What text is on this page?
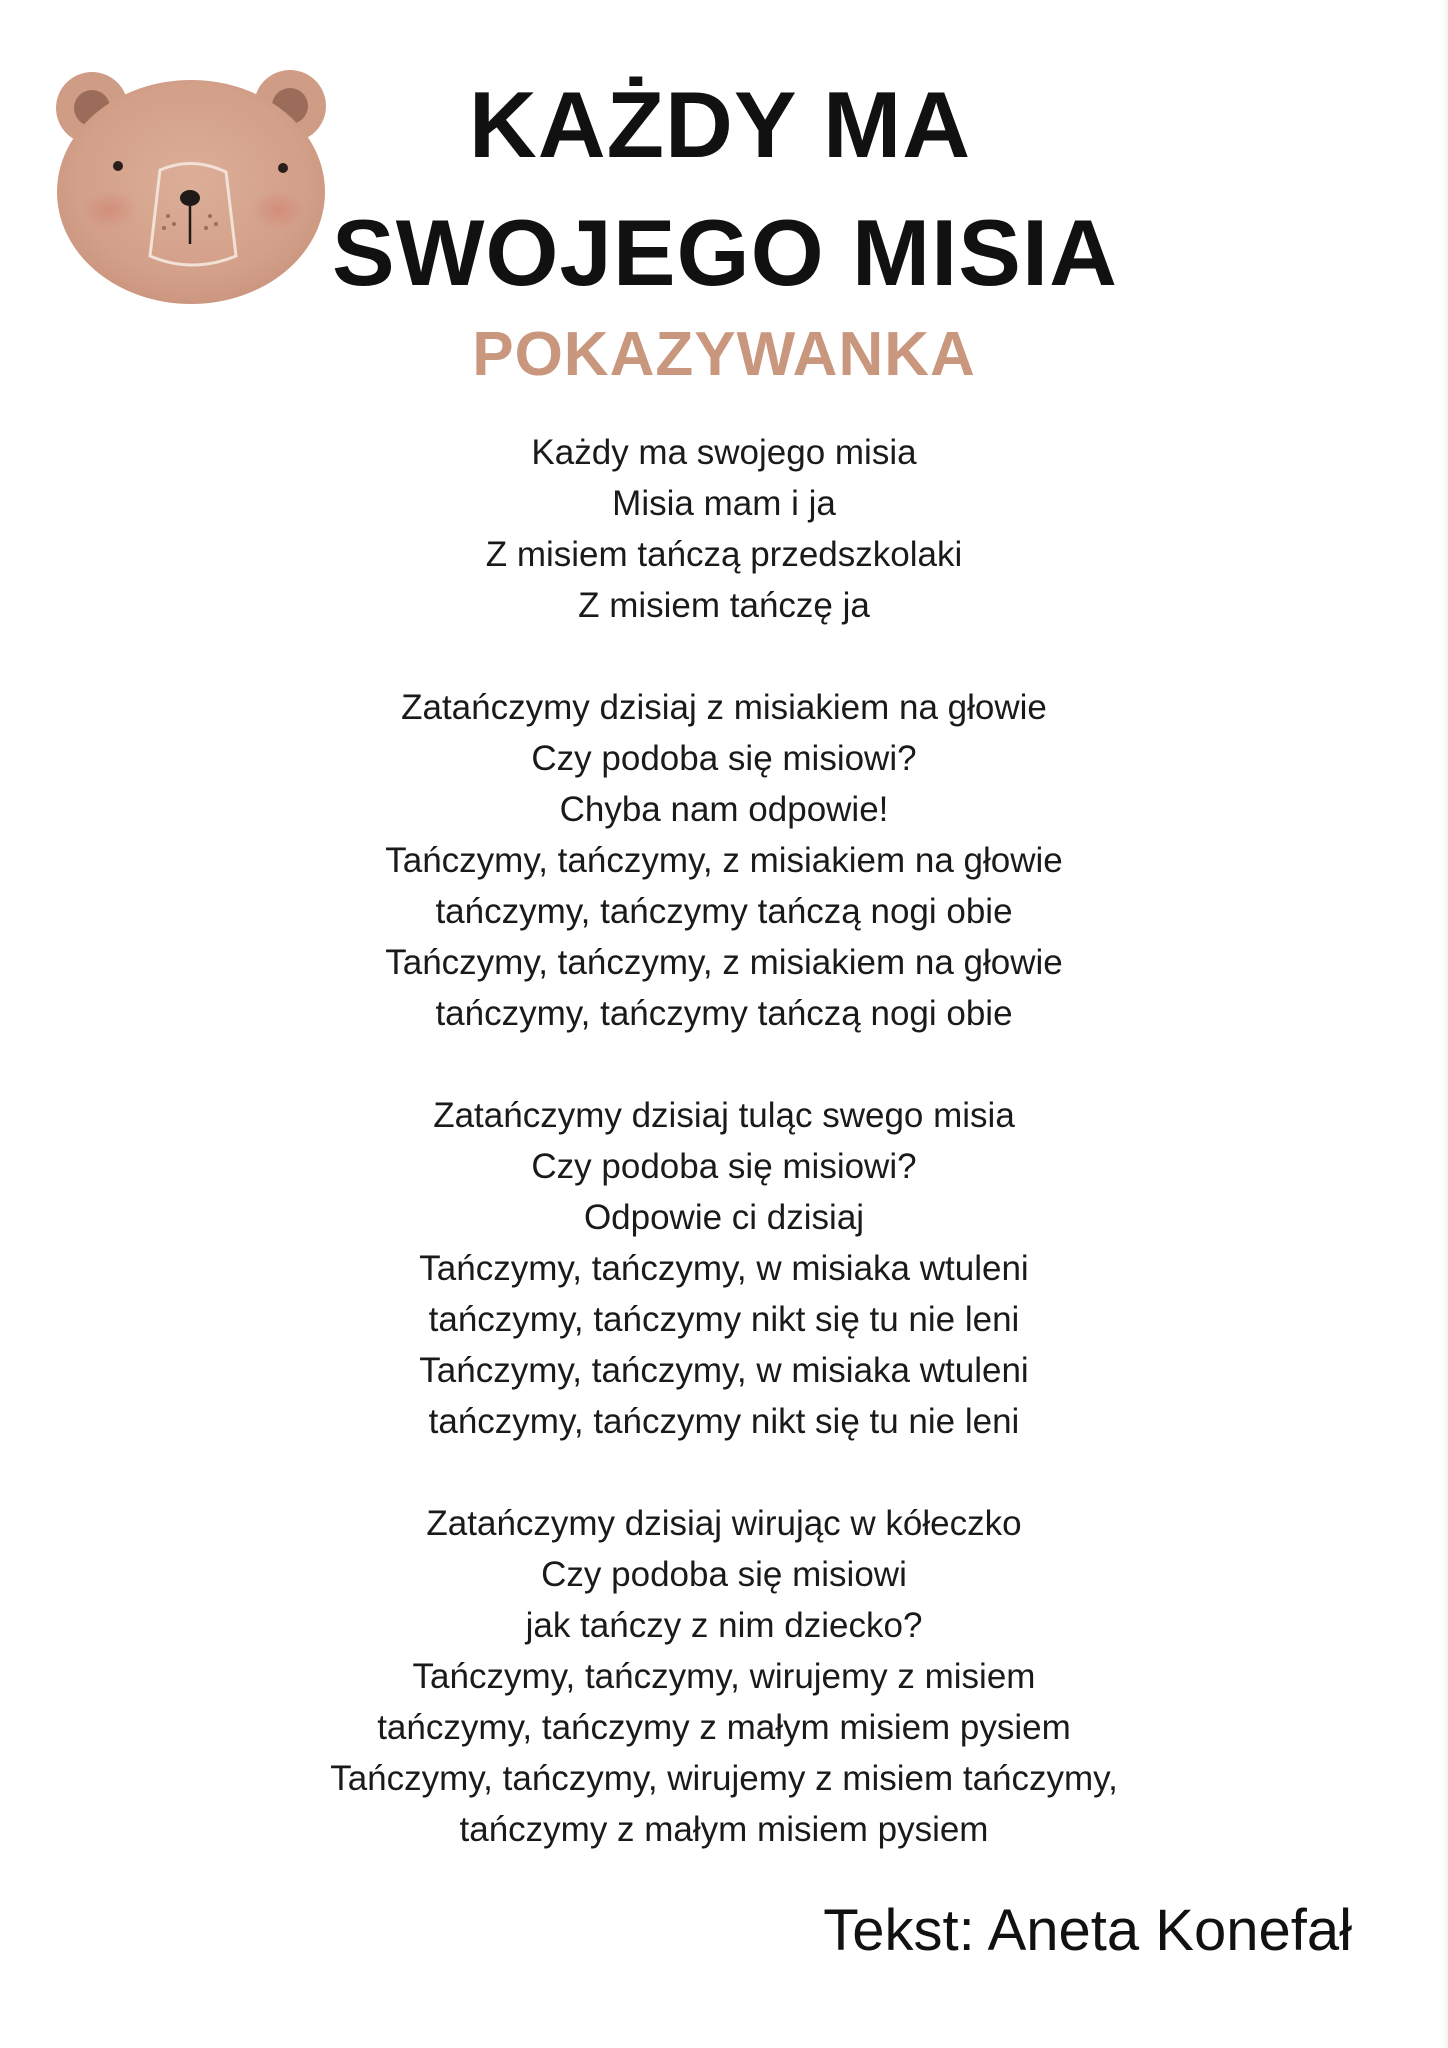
KAŻDY MA
SWOJEGO MISIA
POKAZYWANKA
Każdy ma swojego misia
Misia mam i ja
Z misiem tańczą przedszkolaki
Z misiem tańczę ja
Zatańczymy dzisiaj z misiakiem na głowie
Czy podoba się misiowi?
Chyba nam odpowie!
Tańczymy, tańczymy, z misiakiem na głowie
tańczymy, tańczymy tańczą nogi obie
Tańczymy, tańczymy, z misiakiem na głowie
tańczymy, tańczymy tańczą nogi obie
Zatańczymy dzisiaj tuląc swego misia
Czy podoba się misiowi?
Odpowie ci dzisiaj
Tańczymy, tańczymy, w misiaka wtuleni
tańczymy, tańczymy nikt się tu nie leni
Tańczymy, tańczymy, w misiaka wtuleni
tańczymy, tańczymy nikt się tu nie leni
Zatańczymy dzisiaj wirując w kółeczko
Czy podoba się misiowi
jak tańczy z nim dziecko?
Tańczymy, tańczymy, wirujemy z misiem
tańczymy, tańczymy z małym misiem pysiem
Tańczymy, tańczymy, wirujemy z misiem tańczymy,
tańczymy z małym misiem pysiem
Tekst: Aneta Konefał
